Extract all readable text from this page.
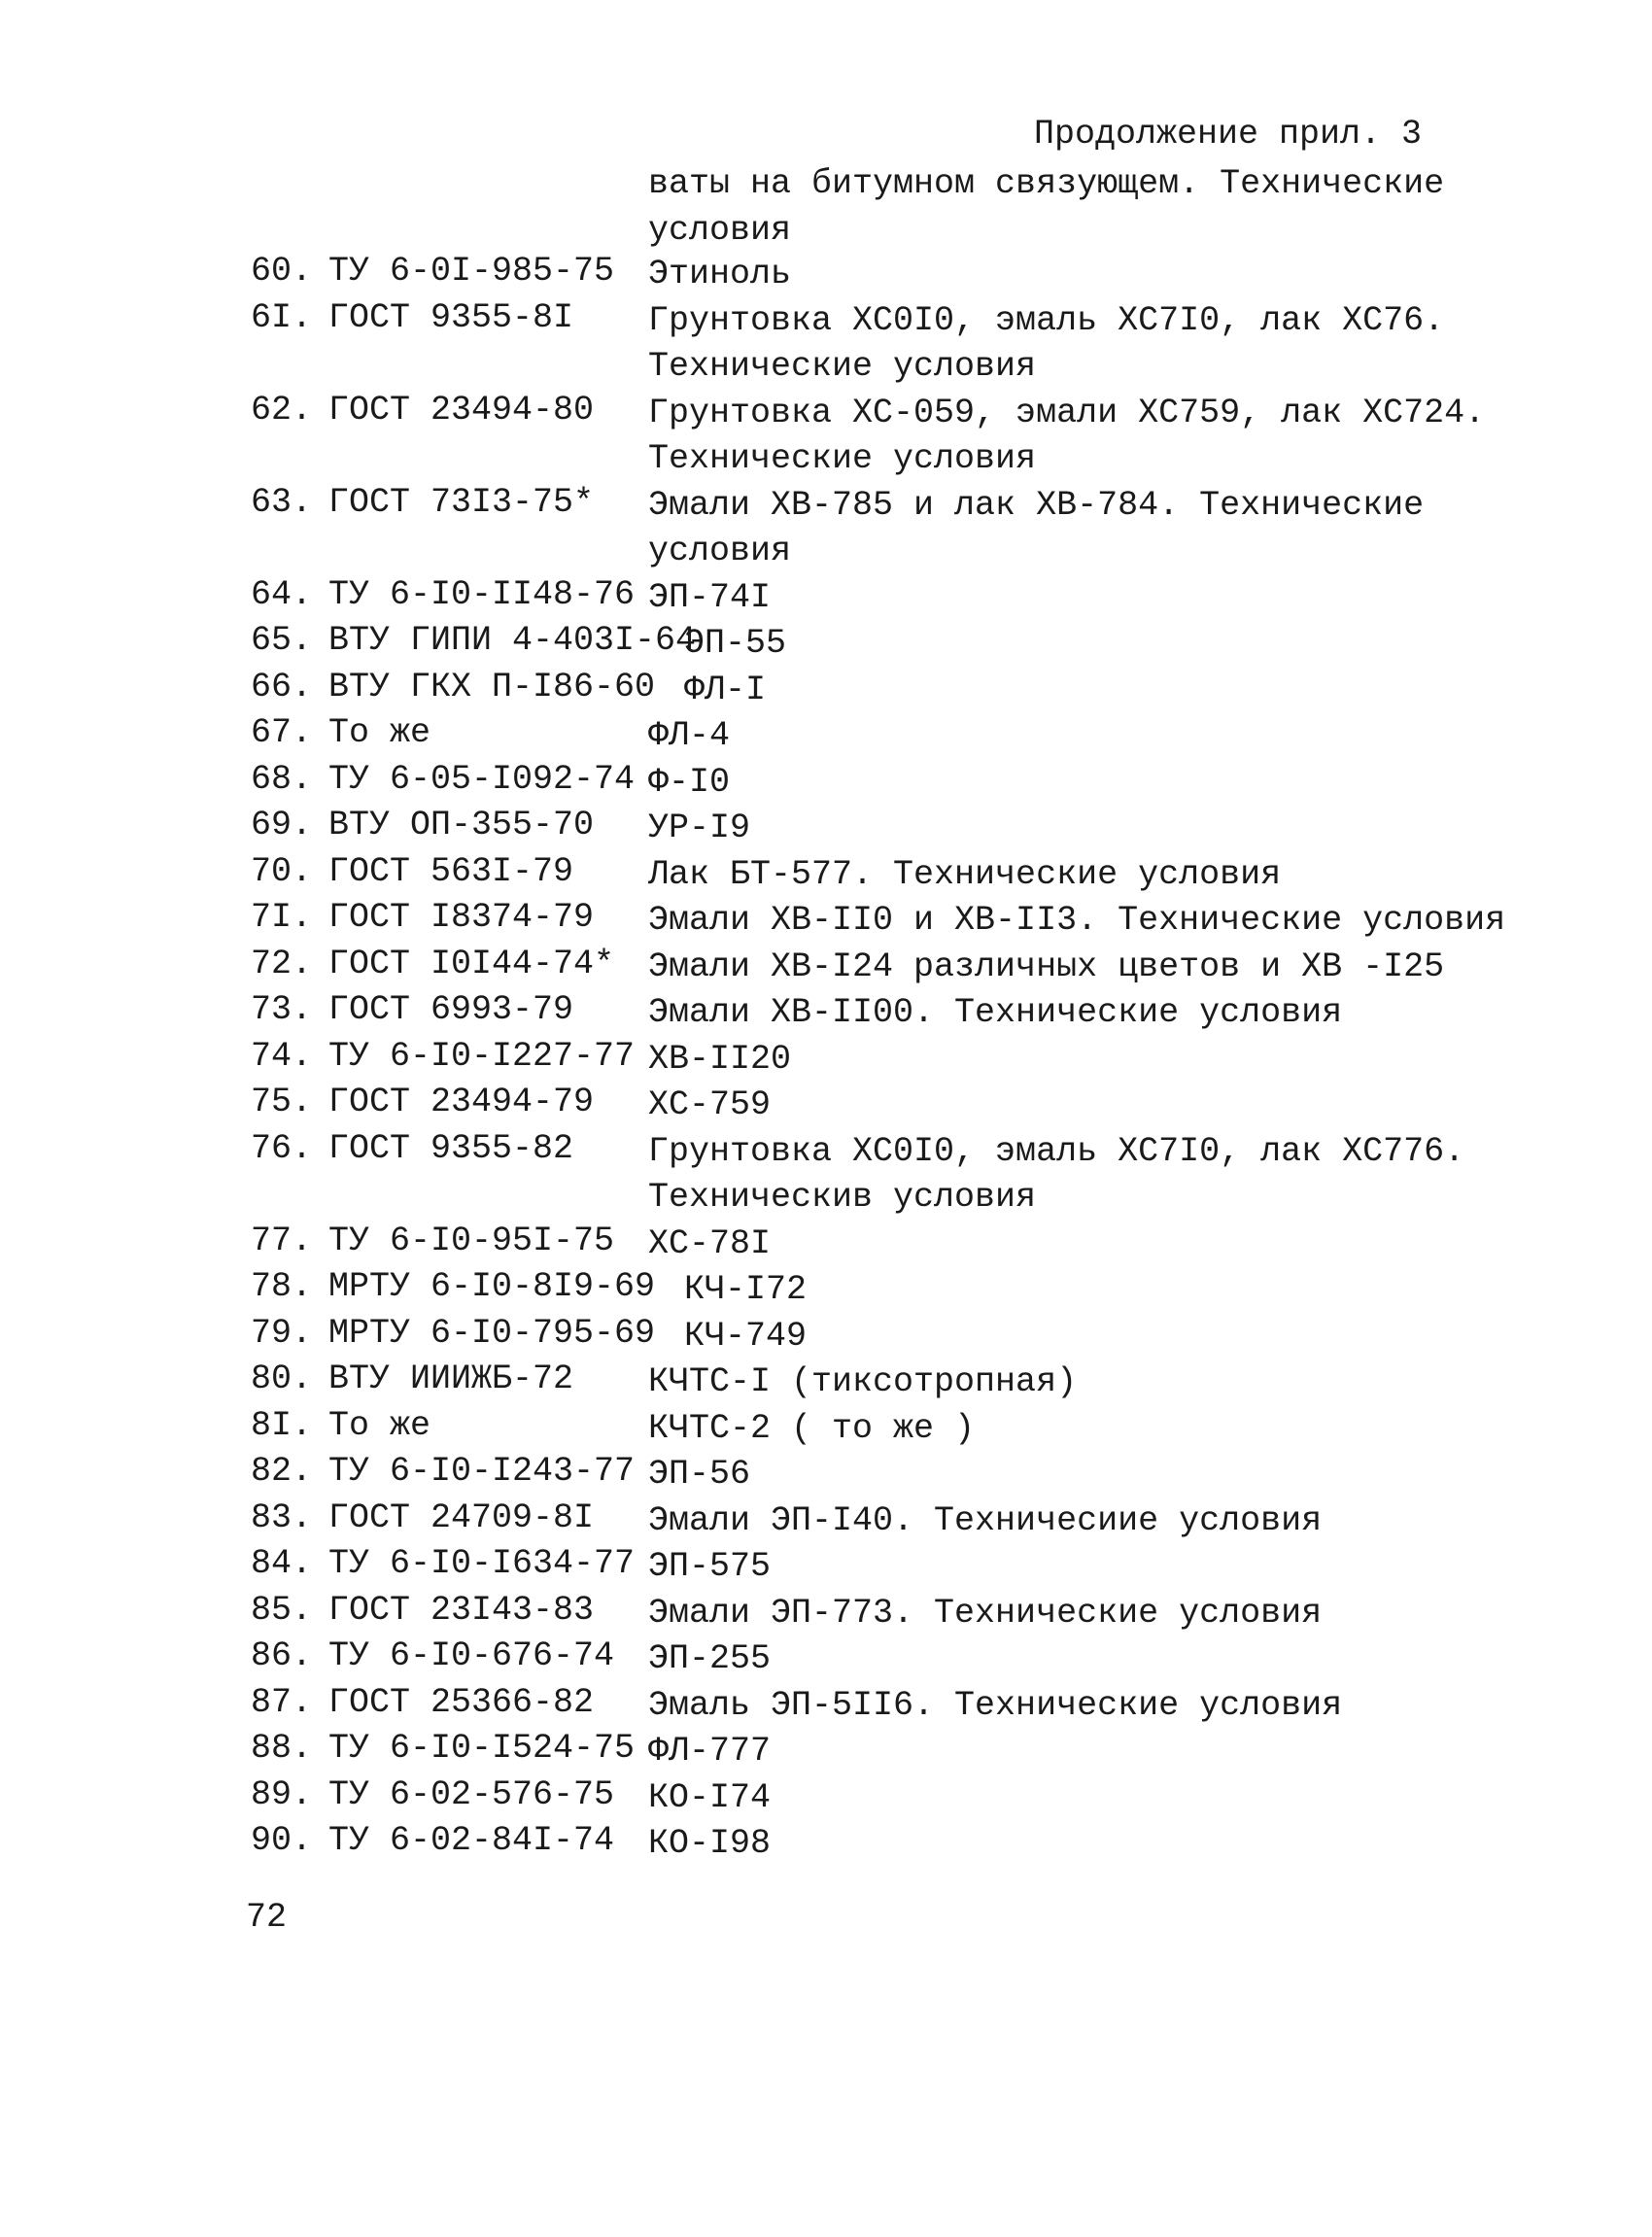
Продолжение прил. 3
ваты на битумном связующем. Технические
условия
60. ТУ 6-0I-985-75 Этиноль
6I. ГОСТ 9355-8I Грунтовка ХС0I0, эмаль ХС7I0, лак ХС76.
Технические условия
62. ГОСТ 23494-80 Грунтовка ХС-059, эмали ХС759, лак ХС724.
Технические условия
63. ГОСТ 73I3-75* Эмали ХВ-785 и лак ХВ-784. Технические
условия
64. ТУ 6-I0-II48-76 ЭП-74I
65. ВТУ ГИПИ 4-403I-64
ЭП-55
66. ВТУ ГКХ П-I86-60 ФЛ-I
67. То же	ФЛ-4
68. ТУ 6-05-I092-74 Ф-I0
69. ВТУ ОП-355-70 УР-I9
70. ГОСТ 563I-79 Лак БТ-577. Технические условия
7I. ГОСТ I8374-79 Эмали ХВ-II0 и ХВ-II3. Технические условия
72. ГОСТ I0I44-74* Эмали ХВ-I24 различных цветов и ХВ -I25
73. ГОСТ 6993-79 Эмали ХВ-II00. Технические условия
74. ТУ 6-I0-I227-77 ХВ-II20
75. ГОСТ 23494-79 ХС-759
76. ГОСТ 9355-82 Грунтовка ХС0I0, эмаль ХС7I0, лак ХС776.
Техническив условия
77. ТУ 6-I0-95I-75 ХС-78I
78. МРТУ 6-I0-8I9-69 КЧ-I72
79. МРТУ 6-I0-795-69 КЧ-749
80. ВТУ ИИИЖБ-72 КЧТС-I (тиксотропная)
8I. То же	КЧТС-2 ( то же )
82. ТУ 6-I0-I243-77 ЭП-56
83. ГОСТ 24709-8I Эмали ЭП-I40. Техничесиие условия
84. ТУ 6-I0-I634-77 ЭП-575
85. ГОСТ 23I43-83 Эмали ЭП-773. Технические условия
86. ТУ 6-I0-676-74 ЭП-255
87. ГОСТ 25366-82 Эмаль ЭП-5II6. Технические условия
88. ТУ 6-I0-I524-75 ФЛ-777
89. ТУ 6-02-576-75 КО-I74
90. ТУ 6-02-84I-74 КО-I98
72
